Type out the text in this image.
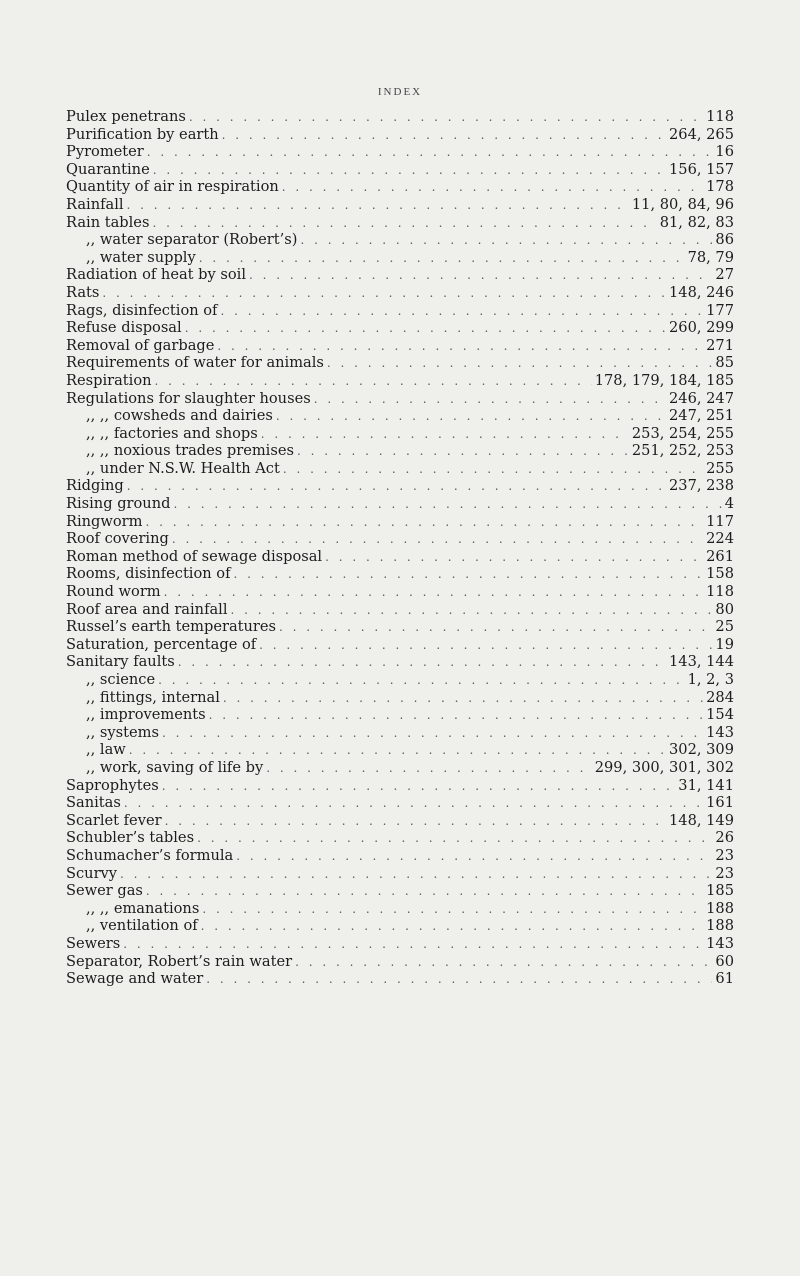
INDEX
Pulex penetrans . . .	118
Purification by earth . . .	264, 265
Pyrometer . . .	16
Quarantine . . .	156, 157
Quantity of air in respiration . . .	178
Rainfall . . .	11, 80, 84, 96
Rain tables . . .	81, 82, 83
,, water separator (Robert’s) . . .	86
,, water supply . . .	78, 79
Radiation of heat by soil . . .	27
Rats . . .	148, 246
Rags, disinfection of . . .	177
Refuse disposal . . .	260, 299
Removal of garbage . . .	271
Requirements of water for animals . . .	85
Respiration . . .	178, 179, 184, 185
Regulations for slaughter houses . . .	246, 247
,, ,, cowsheds and dairies . . .	247, 251
,, ,, factories and shops . . .	253, 254, 255
,, ,, noxious trades premises . . .	251, 252, 253
,, under N.S.W. Health Act . . .	255
Ridging . . .	237, 238
Rising ground . . .	4
Ringworm . . .	117
Roof covering . . .	224
Roman method of sewage disposal . . .	261
Rooms, disinfection of . . .	158
Round worm . . .	118
Roof area and rainfall . . .	80
Russel’s earth temperatures . . .	25
Saturation, percentage of . . .	19
Sanitary faults . . .	143, 144
,, science . . .	1, 2, 3
,, fittings, internal . . .	284
,, improvements . . .	154
,, systems . . .	143
,, law . . .	302, 309
,, work, saving of life by . . .	299, 300, 301, 302
Saprophytes . . .	31, 141
Sanitas . . .	161
Scarlet fever . . .	148, 149
Schubler’s tables . . .	26
Schumacher’s formula . . .	23
Scurvy . . .	23
Sewer gas . . .	185
,, ,, emanations . . .	188
,, ventilation of . . .	188
Sewers . . .	143
Separator, Robert’s rain water . . .	60
Sewage and water . . .	61
